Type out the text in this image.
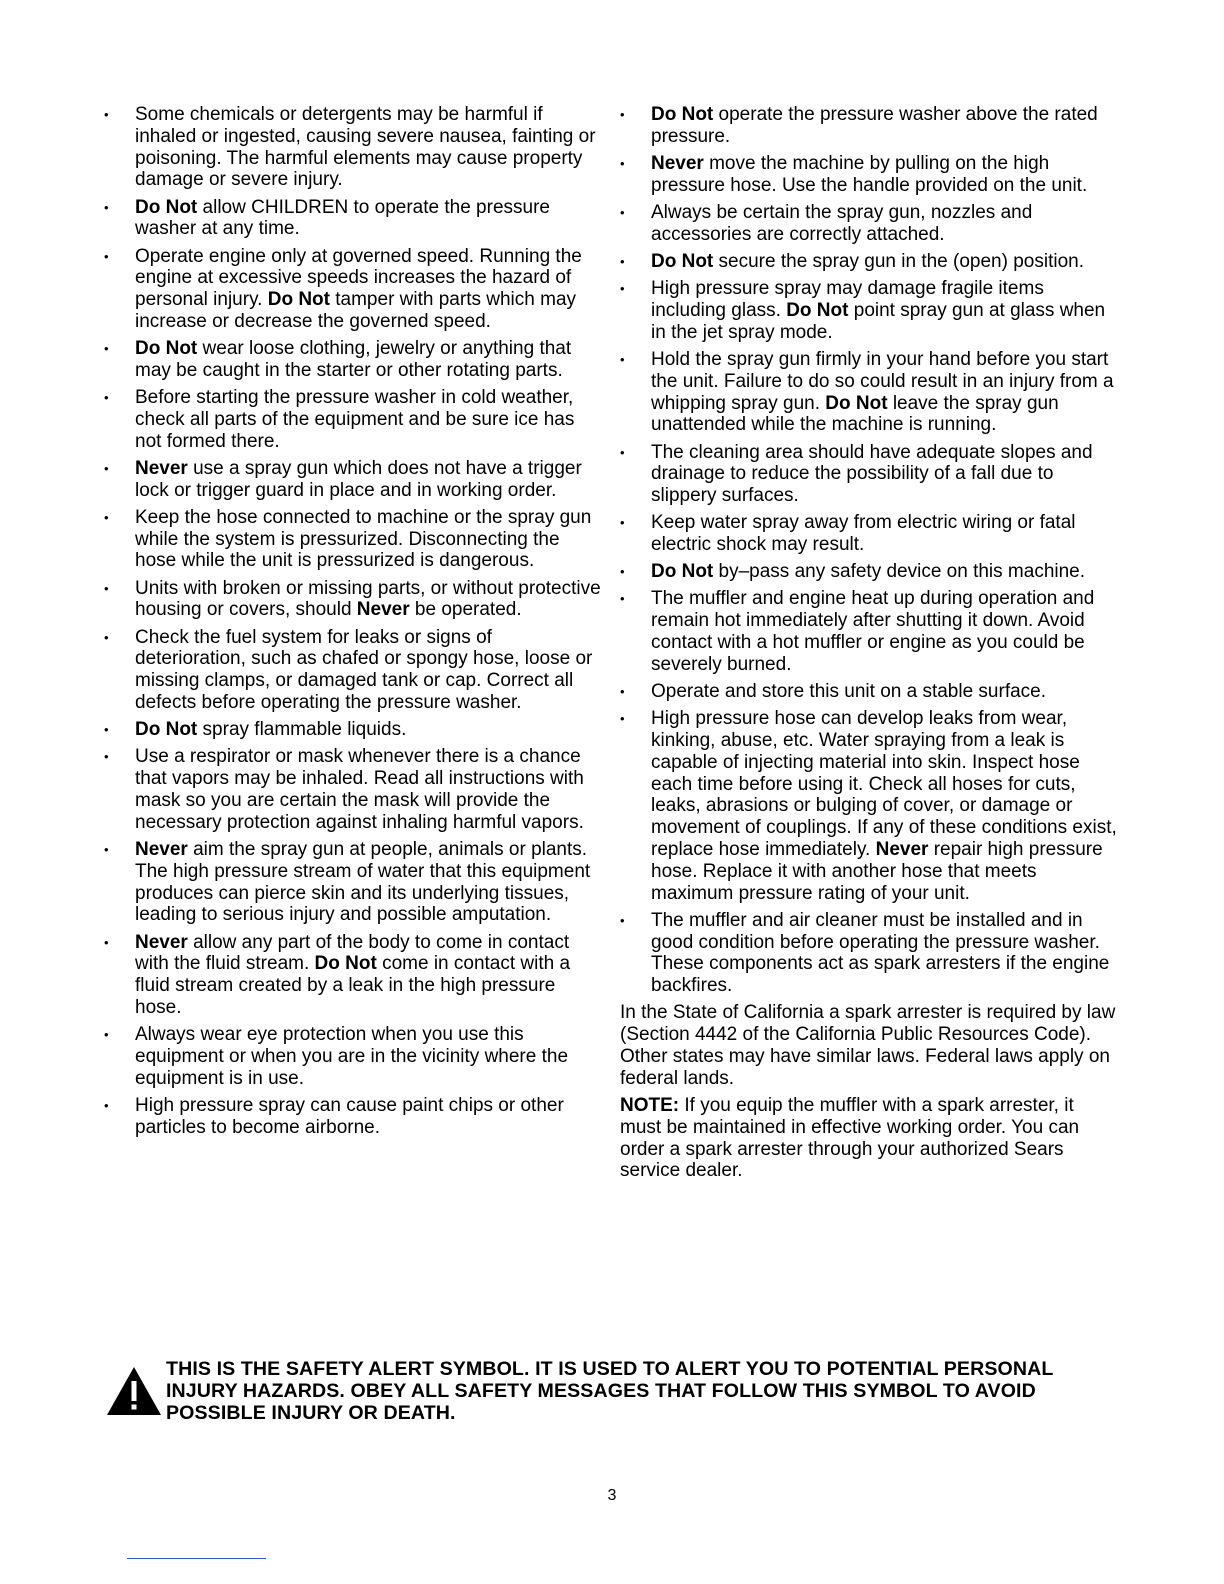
• Some chemicals or detergents may be harmful if inhaled or ingested, causing severe nausea, fainting or poisoning. The harmful elements may cause property damage or severe injury.
• Do Not allow CHILDREN to operate the pressure washer at any time.
• Operate engine only at governed speed. Running the engine at excessive speeds increases the hazard of personal injury. Do Not tamper with parts which may increase or decrease the governed speed.
• Do Not wear loose clothing, jewelry or anything that may be caught in the starter or other rotating parts.
• Before starting the pressure washer in cold weather, check all parts of the equipment and be sure ice has not formed there.
• Never use a spray gun which does not have a trigger lock or trigger guard in place and in working order.
• Keep the hose connected to machine or the spray gun while the system is pressurized. Disconnecting the hose while the unit is pressurized is dangerous.
• Units with broken or missing parts, or without protective housing or covers, should Never be operated.
• Check the fuel system for leaks or signs of deterioration, such as chafed or spongy hose, loose or missing clamps, or damaged tank or cap. Correct all defects before operating the pressure washer.
• Do Not spray flammable liquids.
• Use a respirator or mask whenever there is a chance that vapors may be inhaled. Read all instructions with mask so you are certain the mask will provide the necessary protection against inhaling harmful vapors.
• Never aim the spray gun at people, animals or plants. The high pressure stream of water that this equipment produces can pierce skin and its underlying tissues, leading to serious injury and possible amputation.
• Never allow any part of the body to come in contact with the fluid stream. Do Not come in contact with a fluid stream created by a leak in the high pressure hose.
• Always wear eye protection when you use this equipment or when you are in the vicinity where the equipment is in use.
• High pressure spray can cause paint chips or other particles to become airborne.
• Do Not operate the pressure washer above the rated pressure.
• Never move the machine by pulling on the high pressure hose. Use the handle provided on the unit.
• Always be certain the spray gun, nozzles and accessories are correctly attached.
• Do Not secure the spray gun in the (open) position.
• High pressure spray may damage fragile items including glass. Do Not point spray gun at glass when in the jet spray mode.
• Hold the spray gun firmly in your hand before you start the unit. Failure to do so could result in an injury from a whipping spray gun. Do Not leave the spray gun unattended while the machine is running.
• The cleaning area should have adequate slopes and drainage to reduce the possibility of a fall due to slippery surfaces.
• Keep water spray away from electric wiring or fatal electric shock may result.
• Do Not by–pass any safety device on this machine.
• The muffler and engine heat up during operation and remain hot immediately after shutting it down. Avoid contact with a hot muffler or engine as you could be severely burned.
• Operate and store this unit on a stable surface.
• High pressure hose can develop leaks from wear, kinking, abuse, etc. Water spraying from a leak is capable of injecting material into skin. Inspect hose each time before using it. Check all hoses for cuts, leaks, abrasions or bulging of cover, or damage or movement of couplings. If any of these conditions exist, replace hose immediately. Never repair high pressure hose. Replace it with another hose that meets maximum pressure rating of your unit.
• The muffler and air cleaner must be installed and in good condition before operating the pressure washer. These components act as spark arresters if the engine backfires.

In the State of California a spark arrester is required by law (Section 4442 of the California Public Resources Code). Other states may have similar laws. Federal laws apply on federal lands.

NOTE: If you equip the muffler with a spark arrester, it must be maintained in effective working order. You can order a spark arrester through your authorized Sears service dealer.

THIS IS THE SAFETY ALERT SYMBOL. IT IS USED TO ALERT YOU TO POTENTIAL PERSONAL INJURY HAZARDS. OBEY ALL SAFETY MESSAGES THAT FOLLOW THIS SYMBOL TO AVOID POSSIBLE INJURY OR DEATH.
3
